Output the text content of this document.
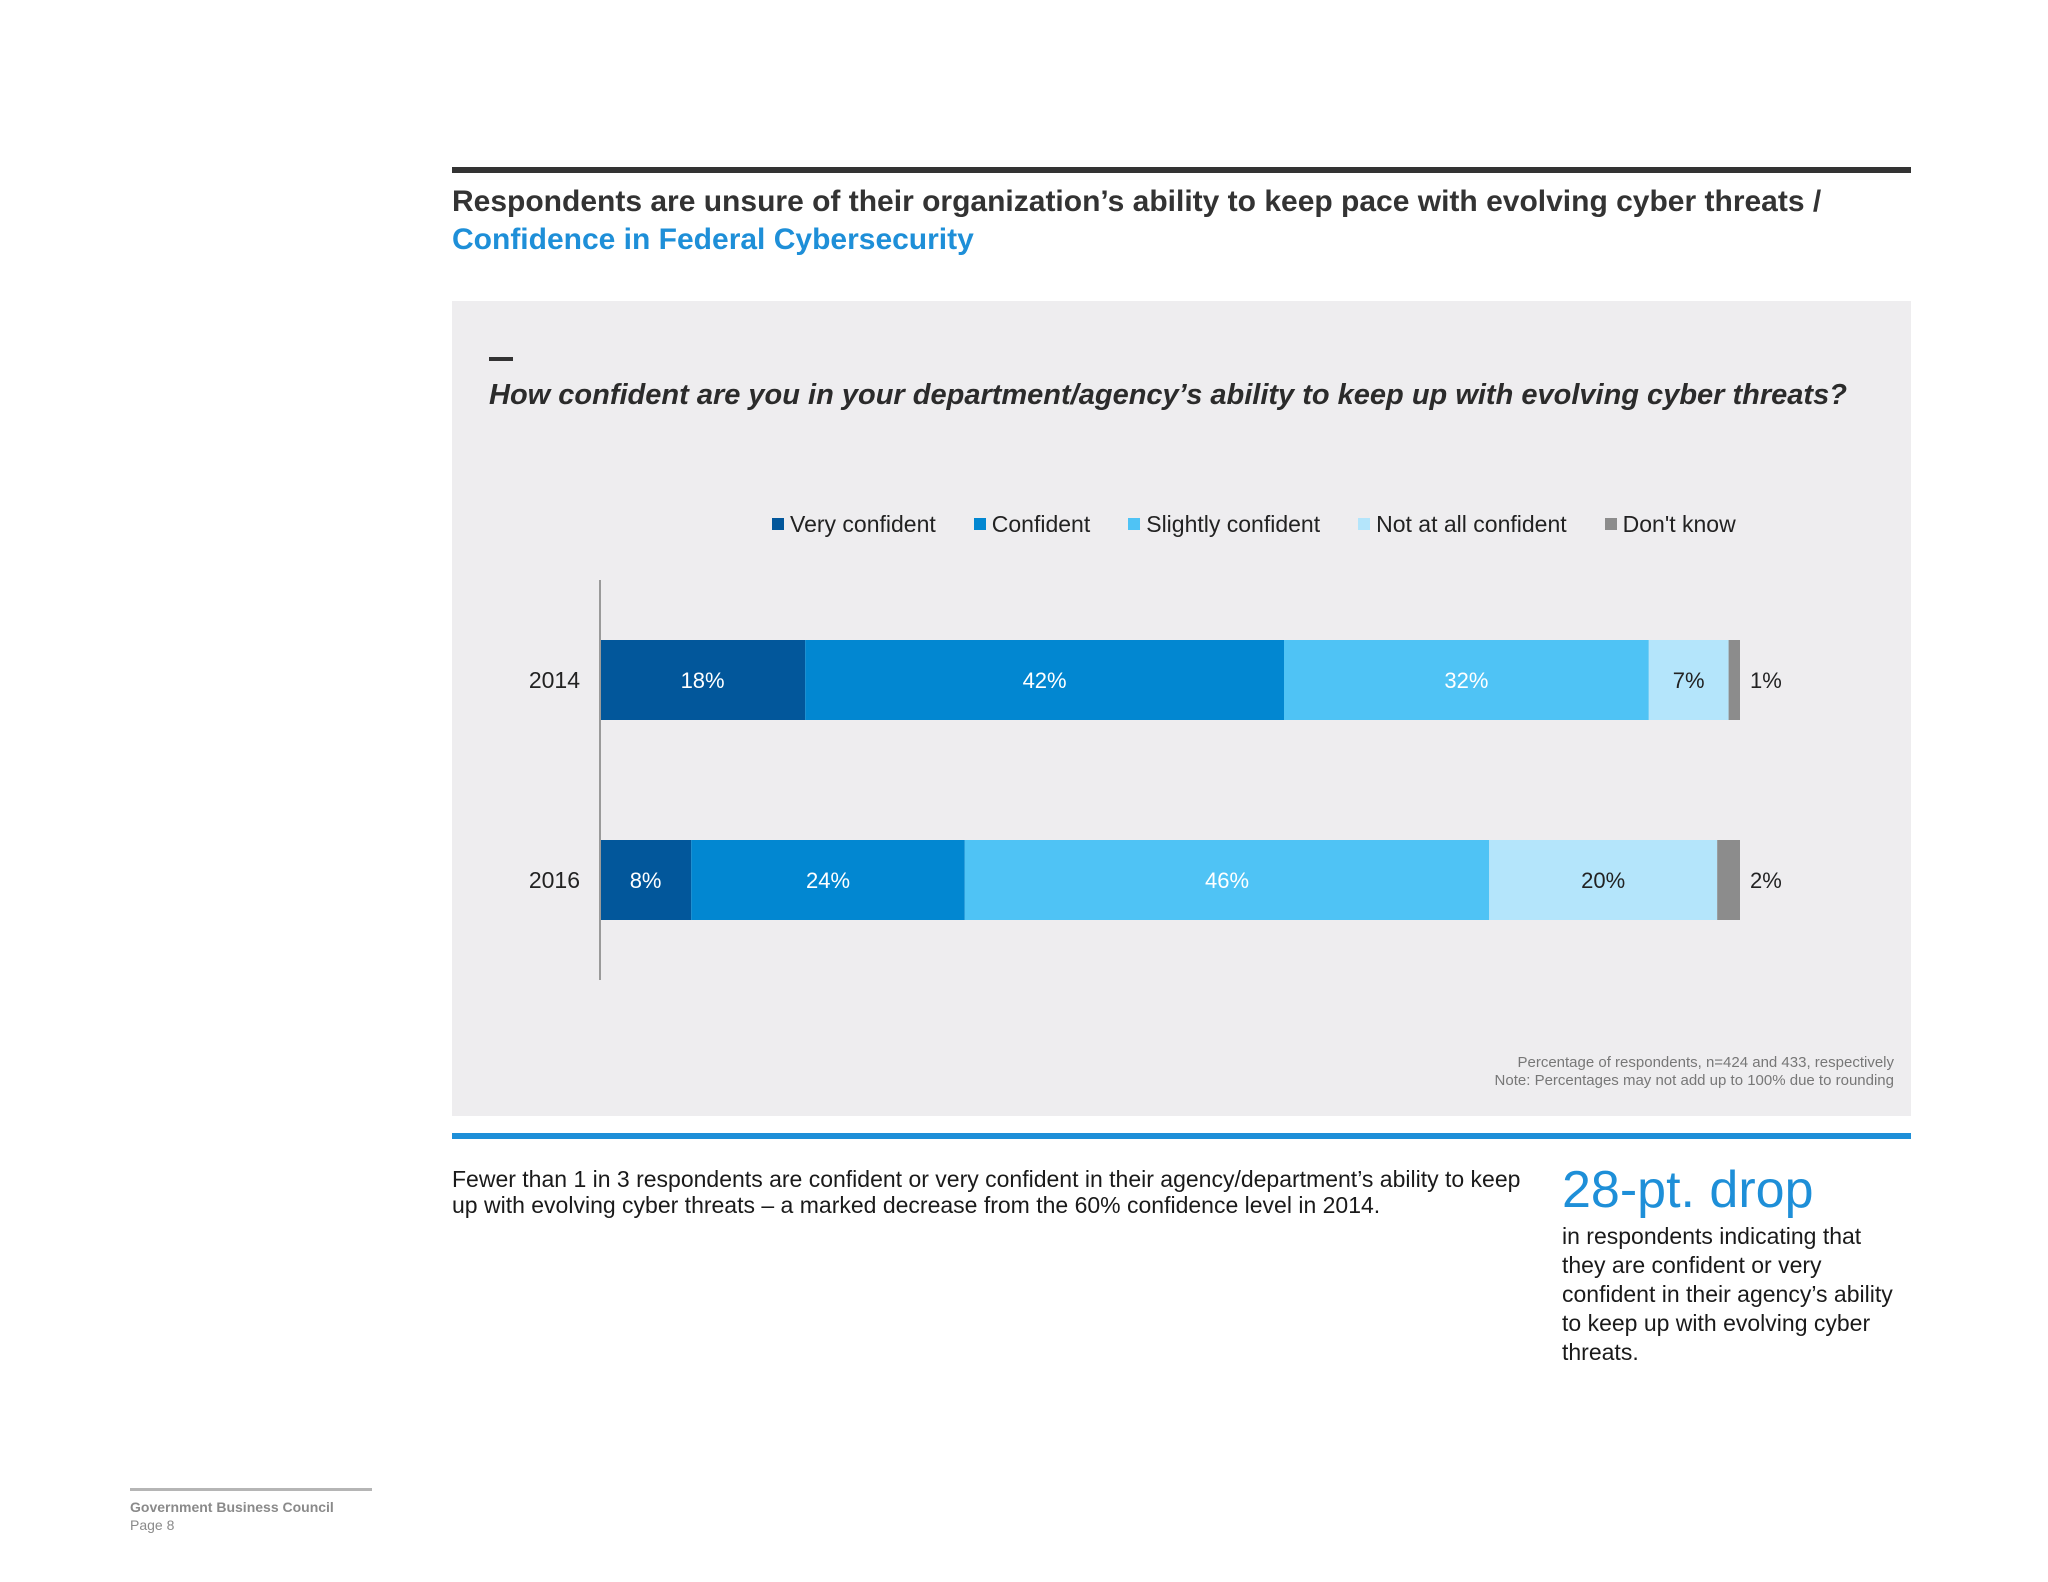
Respondents are unsure of their organization’s ability to keep pace with evolving cyber threats /
Confidence in Federal Cybersecurity
How confident are you in your department/agency’s ability to keep up with evolving cyber threats?
Very confident Confident Slightly confident Not at all confident Don't know
2014	18%	42%	32%	7% 1%
2016 8%	24%	46%	20%	2%
Percentage of respondents, n=424 and 433, respectively
Note: Percentages may not add up to 100% due to rounding
Fewer than 1 in 3 respondents are confident or very confident in their agency/department’s ability to keep up with evolving cyber threats – a marked decrease from the 60% confidence level in 2014.	28-pt. drop
in respondents indicating that they are confident or very confident in their agency’s ability to keep up with evolving cyber threats.
Government Business Council
Page 8
